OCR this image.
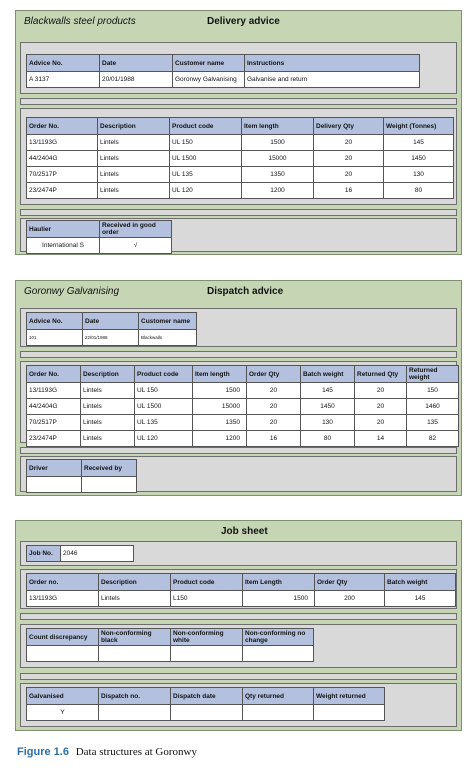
Blackwalls steel products	Delivery advice
Advice No.	Date	Customer name	Instructions
A 3137	20/01/1988	Goronwy Galvanising	Galvanise and return
Order No.	Description	Product code	Item length	Delivery Qty	Weight (Tonnes)
13/1193G	Lintels	UL 150	1500	20	145
44/2404G	Lintels	UL 1500	15000	20	1450
70/2517P	Lintels	UL 135	1350	20	130
23/2474P	Lintels	UL 120	1200	16	80
Haulier	Received in good order
International S	√
Goronwy Galvanising	Dispatch advice
Advice No.	Date	Customer name
101	22/01/1988	Blackwalls
Order No.	Description	Product code	Item length	Order Qty	Batch weight	Returned Qty	Returned weight
13/1193G	Lintels	UL 150	1500	20	145	20	150
44/2404G	Lintels	UL 1500	15000	20	1450	20	1460
70/2517P	Lintels	UL 135	1350	20	130	20	135
23/2474P	Lintels	UL 120	1200	16	80	14	82
Driver	Received by

Job sheet
Job No.	2046
Order no.	Description	Product code	Item Length	Order Qty	Batch weight
13/1193G	Lintels	L150	1500	200	145
Count discrepancy	Non-conforming black	Non-conforming white	Non-conforming no change

Galvanised	Dispatch no.	Dispatch date	Qty returned	Weight returned
Y				
Figure 1.6 Data structures at Goronwy
